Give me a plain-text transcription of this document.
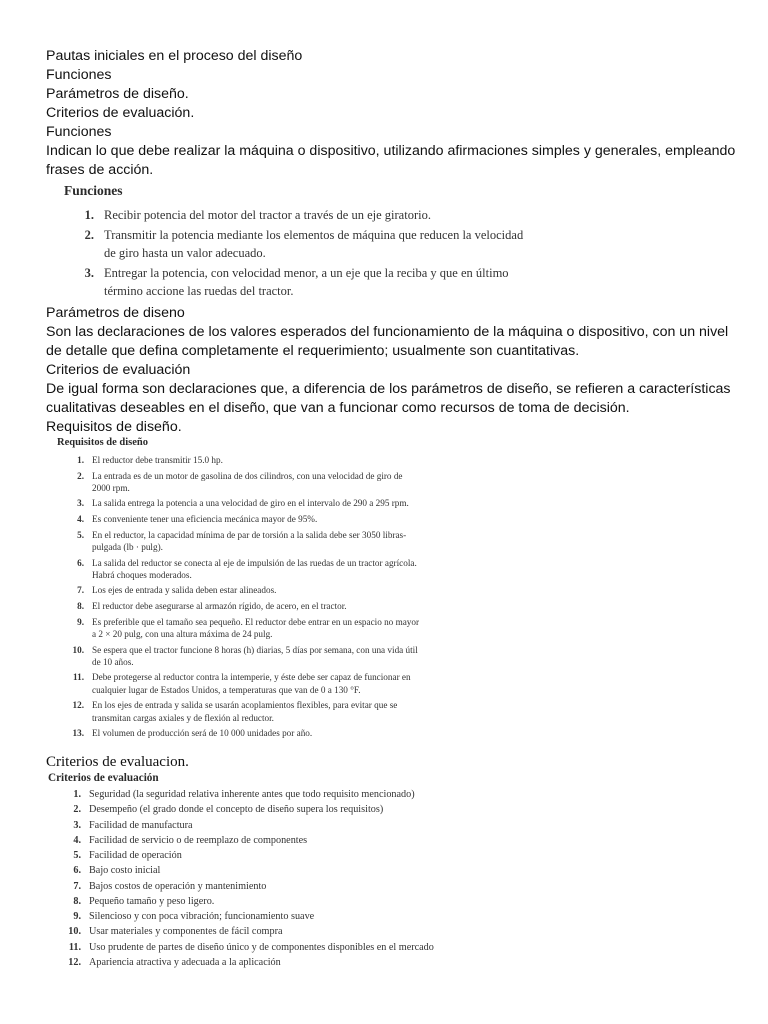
Pautas iniciales en el proceso del diseño

Funciones

Parámetros de diseño.

Criterios de evaluación.

Funciones

Indican lo que debe realizar la máquina o dispositivo, utilizando afirmaciones simples y generales, empleando frases de acción.

Funciones
1. Recibir potencia del motor del tractor a través de un eje giratorio.
2. Transmitir la potencia mediante los elementos de máquina que reducen la velocidad de giro hasta un valor adecuado.
3. Entregar la potencia, con velocidad menor, a un eje que la reciba y que en último término accione las ruedas del tractor.

Parámetros de diseno

Son las declaraciones de los valores esperados del funcionamiento de la máquina o dispositivo, con un nivel de detalle que defina completamente el requerimiento; usualmente son cuantitativas.

Criterios de evaluación

De igual forma son declaraciones que, a diferencia de los parámetros de diseño, se refieren a características cualitativas deseables en el diseño, que van a funcionar como recursos de toma de decisión.

Requisitos de diseño.

Requisitos de diseño
1. El reductor debe transmitir 15.0 hp.
2. La entrada es de un motor de gasolina de dos cilindros, con una velocidad de giro de 2000 rpm.
3. La salida entrega la potencia a una velocidad de giro en el intervalo de 290 a 295 rpm.
4. Es conveniente tener una eficiencia mecánica mayor de 95%.
5. En el reductor, la capacidad mínima de par de torsión a la salida debe ser 3050 libras-pulgada (lb · pulg).
6. La salida del reductor se conecta al eje de impulsión de las ruedas de un tractor agrícola. Habrá choques moderados.
7. Los ejes de entrada y salida deben estar alineados.
8. El reductor debe asegurarse al armazón rígido, de acero, en el tractor.
9. Es preferible que el tamaño sea pequeño. El reductor debe entrar en un espacio no mayor a 2 × 20 pulg, con una altura máxima de 24 pulg.
10. Se espera que el tractor funcione 8 horas (h) diarias, 5 días por semana, con una vida útil de 10 años.
11. Debe protegerse al reductor contra la intemperie, y éste debe ser capaz de funcionar en cualquier lugar de Estados Unidos, a temperaturas que van de 0 a 130 °F.
12. En los ejes de entrada y salida se usarán acoplamientos flexibles, para evitar que se transmitan cargas axiales y de flexión al reductor.
13. El volumen de producción será de 10 000 unidades por año.
Criterios de evaluacion.
Criterios de evaluación
1. Seguridad (la seguridad relativa inherente antes que todo requisito mencionado)
2. Desempeño (el grado donde el concepto de diseño supera los requisitos)
3. Facilidad de manufactura
4. Facilidad de servicio o de reemplazo de componentes
5. Facilidad de operación
6. Bajo costo inicial
7. Bajos costos de operación y mantenimiento
8. Pequeño tamaño y peso ligero.
9. Silencioso y con poca vibración; funcionamiento suave
10. Usar materiales y componentes de fácil compra
11. Uso prudente de partes de diseño único y de componentes disponibles en el mercado
12. Apariencia atractiva y adecuada a la aplicación
